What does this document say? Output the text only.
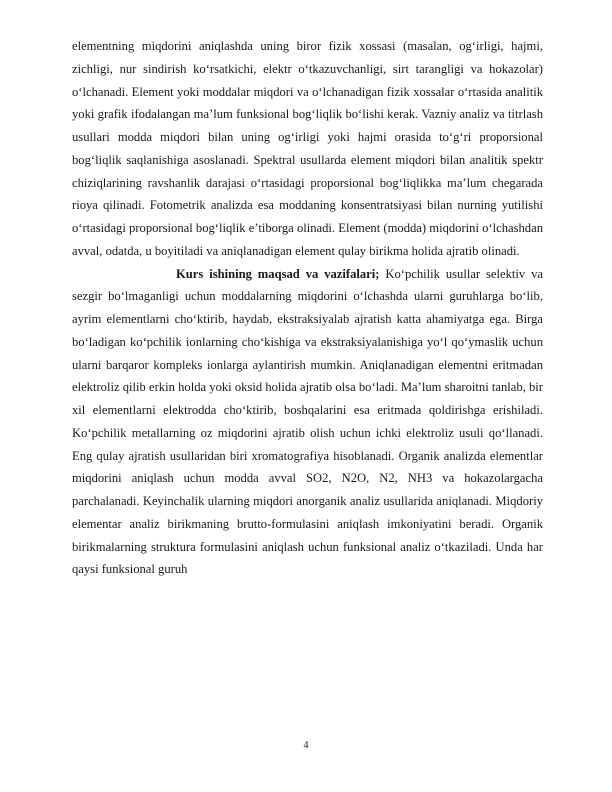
elementning miqdorini aniqlashda uning biror fizik xossasi (masalan, og‘irligi, hajmi, zichligi, nur sindirish ko‘rsatkichi, elektr o‘tkazuvchanligi, sirt tarangligi va hokazolar) o‘lchanadi. Element yoki moddalar miqdori va o‘lchanadigan fizik xossalar o‘rtasida analitik yoki grafik ifodalangan ma’lum funksional bog‘liqlik bo‘lishi kerak. Vazniy analiz va titrlash usullari modda miqdori bilan uning og‘irligi yoki hajmi orasida to‘g‘ri proporsional bog‘liqlik saqlanishiga asoslanadi. Spektral usullarda element miqdori bilan analitik spektr chiziqlarining ravshanlik darajasi o‘rtasidagi proporsional bog‘liqlikka ma’lum chegarada rioya qilinadi. Fotometrik analizda esa moddaning konsentratsiyasi bilan nurning yutilishi o‘rtasidagi proporsional bog‘liqlik e’tiborga olinadi. Element (modda) miqdorini o‘lchashdan avval, odatda, u boyitiladi va aniqlanadigan element qulay birikma holida ajratib olinadi.

Kurs ishining maqsad va vazifalari; Ko‘pchilik usullar selektiv va sezgir bo‘lmaganligi uchun moddalarning miqdorini o‘lchashda ularni guruhlarga bo‘lib, ayrim elementlarni cho‘ktirib, haydab, ekstraksiyalab ajratish katta ahamiyatga ega. Birga bo‘ladigan ko‘pchilik ionlarning cho‘kishiga va ekstraksiyalanishiga yo‘l qo‘ymaslik uchun ularni barqaror kompleks ionlarga aylantirish mumkin. Aniqlanadigan elementni eritmadan elektroliz qilib erkin holda yoki oksid holida ajratib olsa bo‘ladi. Ma’lum sharoitni tanlab, bir xil elementlarni elektrodda cho‘ktirib, boshqalarini esa eritmada qoldirishga erishiladi. Ko‘pchilik metallarning oz miqdorini ajratib olish uchun ichki elektroliz usuli qo‘llanadi. Eng qulay ajratish usullaridan biri xromatografiya hisoblanadi. Organik analizda elementlar miqdorini aniqlash uchun modda avval SO2, N2O, N2, NH3 va hokazolargacha parchalanadi. Keyinchalik ularning miqdori anorganik analiz usullarida aniqlanadi. Miqdoriy elementar analiz birikmaning brutto-formulasini aniqlash imkoniyatini beradi. Organik birikmalarning struktura formulasini aniqlash uchun funksional analiz o‘tkaziladi. Unda har qaysi funksional guruh

4
